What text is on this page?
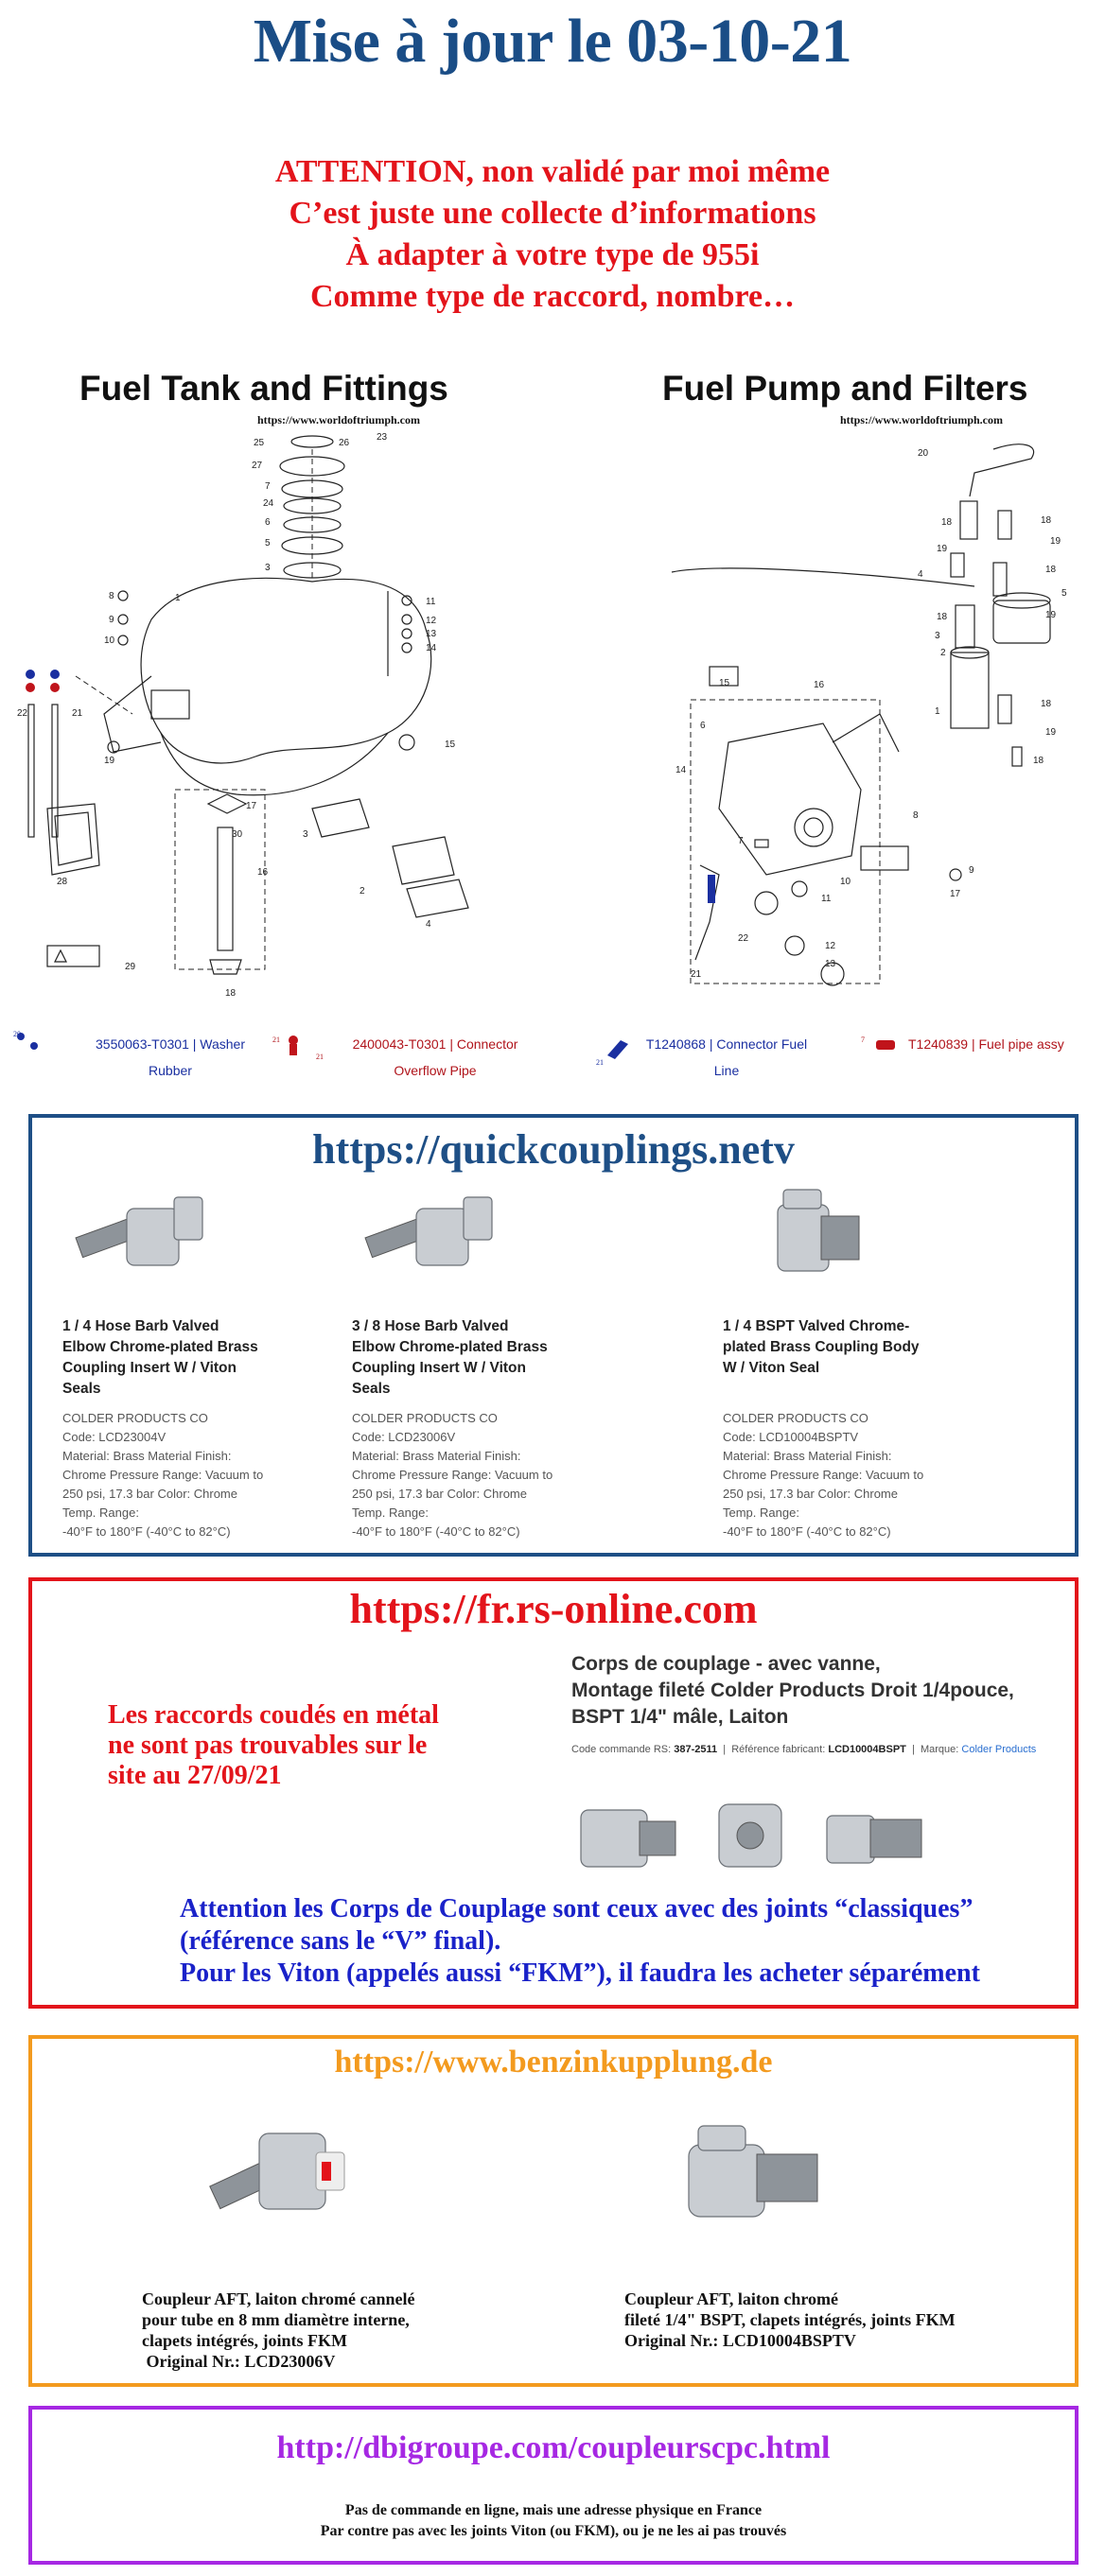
Mise à jour le 03-10-21
ATTENTION, non validé par moi même
C’est juste une collecte d’informations
À adapter à votre type de 955i
Comme type de raccord, nombre…
Fuel Tank and Fittings
https://www.worldoftriumph.com
Fuel Pump and Filters
https://www.worldoftriumph.com
25	26
23
27
7
24
6
5
3
1	11
12
13
14
15
8
9
10
22	21
19
28
17
30
16
18
3
2
4
29
20
18
19
18
19
18
5
19
4
18
3
2
1
18
19
18
16
15
6
14
7
8
9
17
10
11
22
12
13
21
20
3550063-T0301 | Washer
Rubber
21
21
2400043-T0301 | Connector
Overflow Pipe
21
T1240868 | Connector Fuel
Line
7	T1240839 | Fuel pipe assy
https://quickcouplings.netv
1 / 4 Hose Barb Valved
Elbow Chrome-plated Brass
Coupling Insert W / Viton
Seals
COLDER PRODUCTS CO
Code: LCD23004V
Material: Brass Material Finish:
Chrome Pressure Range: Vacuum to
250 psi, 17.3 bar Color: Chrome
Temp. Range:
-40°F to 180°F (-40°C to 82°C)
3 / 8 Hose Barb Valved
Elbow Chrome-plated Brass
Coupling Insert W / Viton
Seals
COLDER PRODUCTS CO
Code: LCD23006V
Material: Brass Material Finish:
Chrome Pressure Range: Vacuum to
250 psi, 17.3 bar Color: Chrome
Temp. Range:
-40°F to 180°F (-40°C to 82°C)
1 / 4 BSPT Valved Chrome-
plated Brass Coupling Body
W / Viton Seal
COLDER PRODUCTS CO
Code: LCD10004BSPTV
Material: Brass Material Finish:
Chrome Pressure Range: Vacuum to
250 psi, 17.3 bar Color: Chrome
Temp. Range:
-40°F to 180°F (-40°C to 82°C)
https://fr.rs-online.com
Les raccords coudés en métal
ne sont pas trouvables sur le
site au 27/09/21
Corps de couplage - avec vanne,
Montage fileté Colder Products Droit 1/4pouce,
BSPT 1/4" mâle, Laiton
Code commande RS: 387-2511  |  Référence fabricant: LCD10004BSPT  |  Marque: Colder Products
Attention les Corps de Couplage sont ceux avec des joints “classiques”
(référence sans le “V” final).
Pour les Viton (appelés aussi “FKM”), il faudra les acheter séparément
https://www.benzinkupplung.de
Coupleur AFT, laiton chromé cannelé
pour tube en 8 mm diamètre interne,
clapets intégrés, joints FKM
Original Nr.: LCD23006V
Coupleur AFT, laiton chromé
fileté 1/4" BSPT, clapets intégrés, joints FKM
Original Nr.: LCD10004BSPTV
http://dbigroupe.com/coupleurscpc.html
Pas de commande en ligne, mais une adresse physique en France
Par contre pas avec les joints Viton (ou FKM), ou je ne les ai pas trouvés
